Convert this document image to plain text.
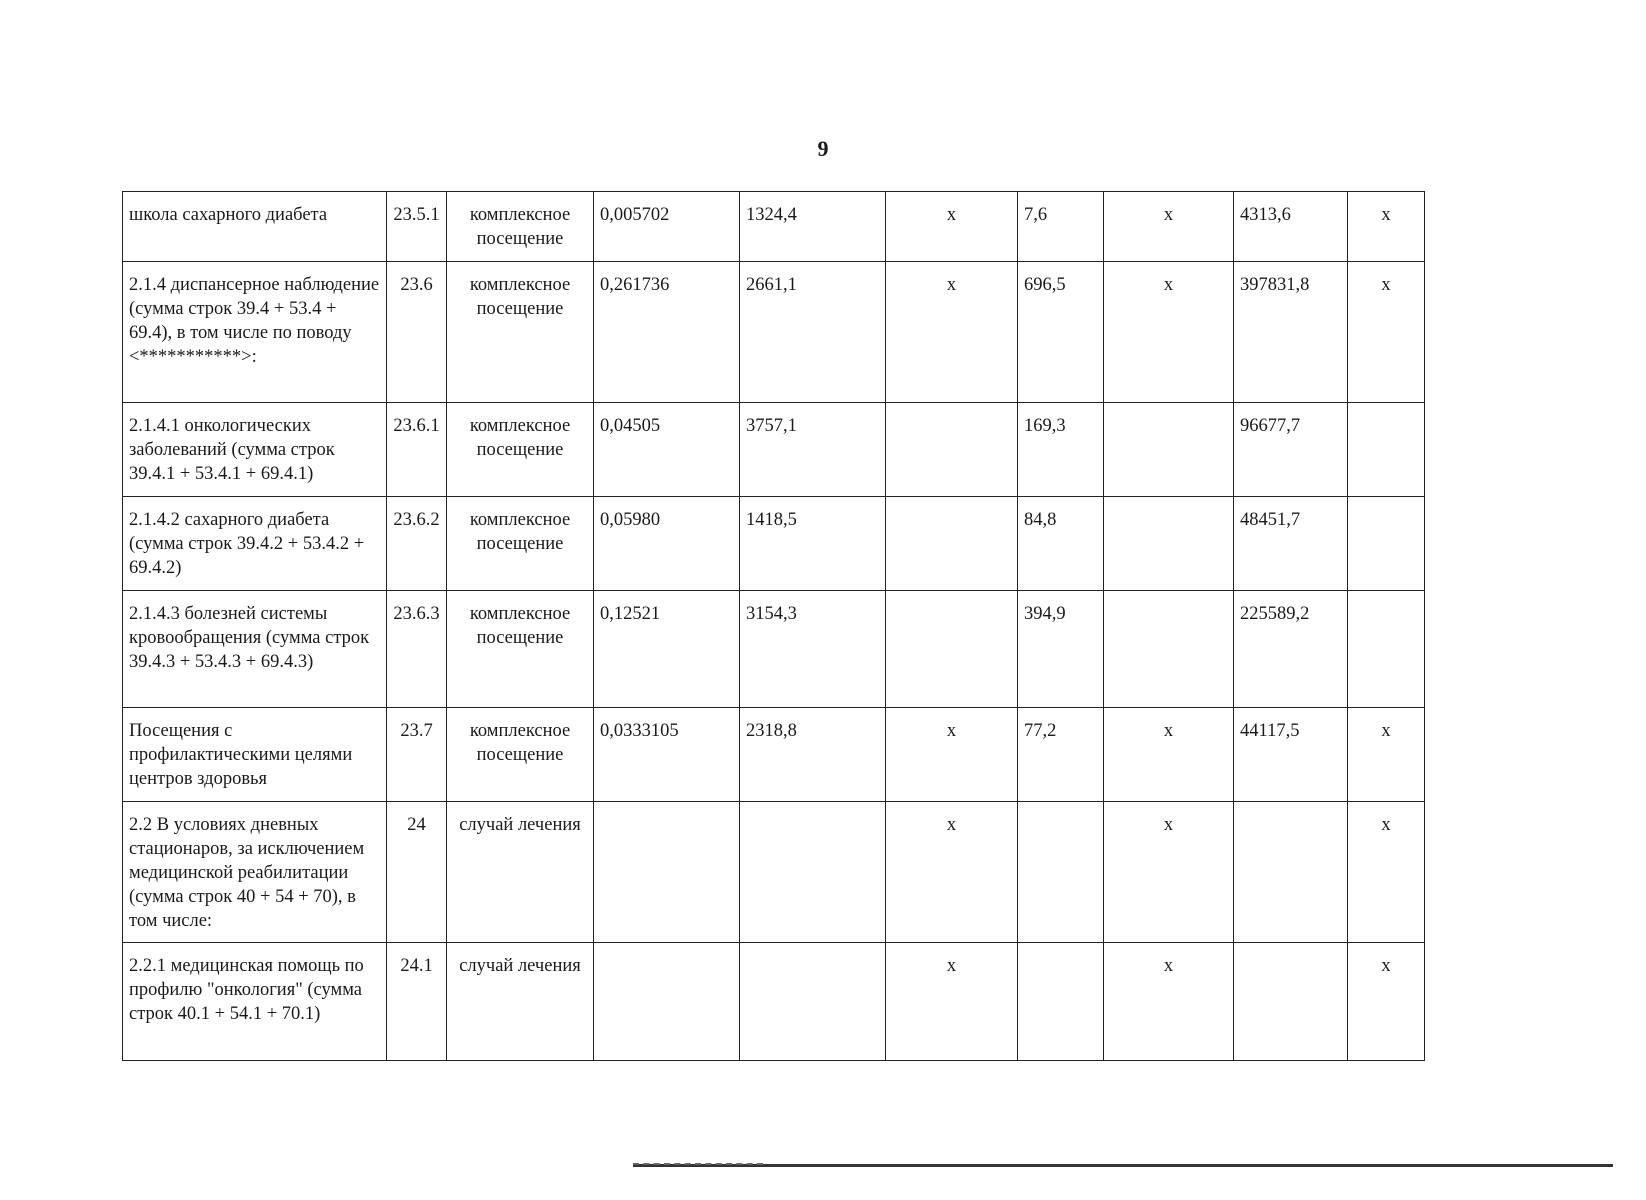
9
школа сахарного диабета	23.5.1	комплексное посещение	0,005702	1324,4	х	7,6	х	4313,6	х
2.1.4 диспансерное наблюдение (сумма строк 39.4 + 53.4 + 69.4), в том числе по поводу <***********>:	23.6	комплексное посещение	0,261736	2661,1	х	696,5	х	397831,8	х
2.1.4.1 онкологических заболеваний (сумма строк 39.4.1 + 53.4.1 + 69.4.1)	23.6.1	комплексное посещение	0,04505	3757,1		169,3		96677,7	
2.1.4.2 сахарного диабета (сумма строк 39.4.2 + 53.4.2 + 69.4.2)	23.6.2	комплексное посещение	0,05980	1418,5		84,8		48451,7	
2.1.4.3 болезней системы кровообращения (сумма строк 39.4.3 + 53.4.3 + 69.4.3)	23.6.3	комплексное посещение	0,12521	3154,3		394,9		225589,2	
Посещения с профилактическими целями центров здоровья	23.7	комплексное посещение	0,0333105	2318,8	х	77,2	х	44117,5	х
2.2 В условиях дневных стационаров, за исключением медицинской реабилитации (сумма строк 40 + 54 + 70), в том числе:	24	случай лечения			х		х		х
2.2.1 медицинская помощь по профилю "онкология" (сумма строк 40.1 + 54.1 + 70.1)	24.1	случай лечения			х		х		х
